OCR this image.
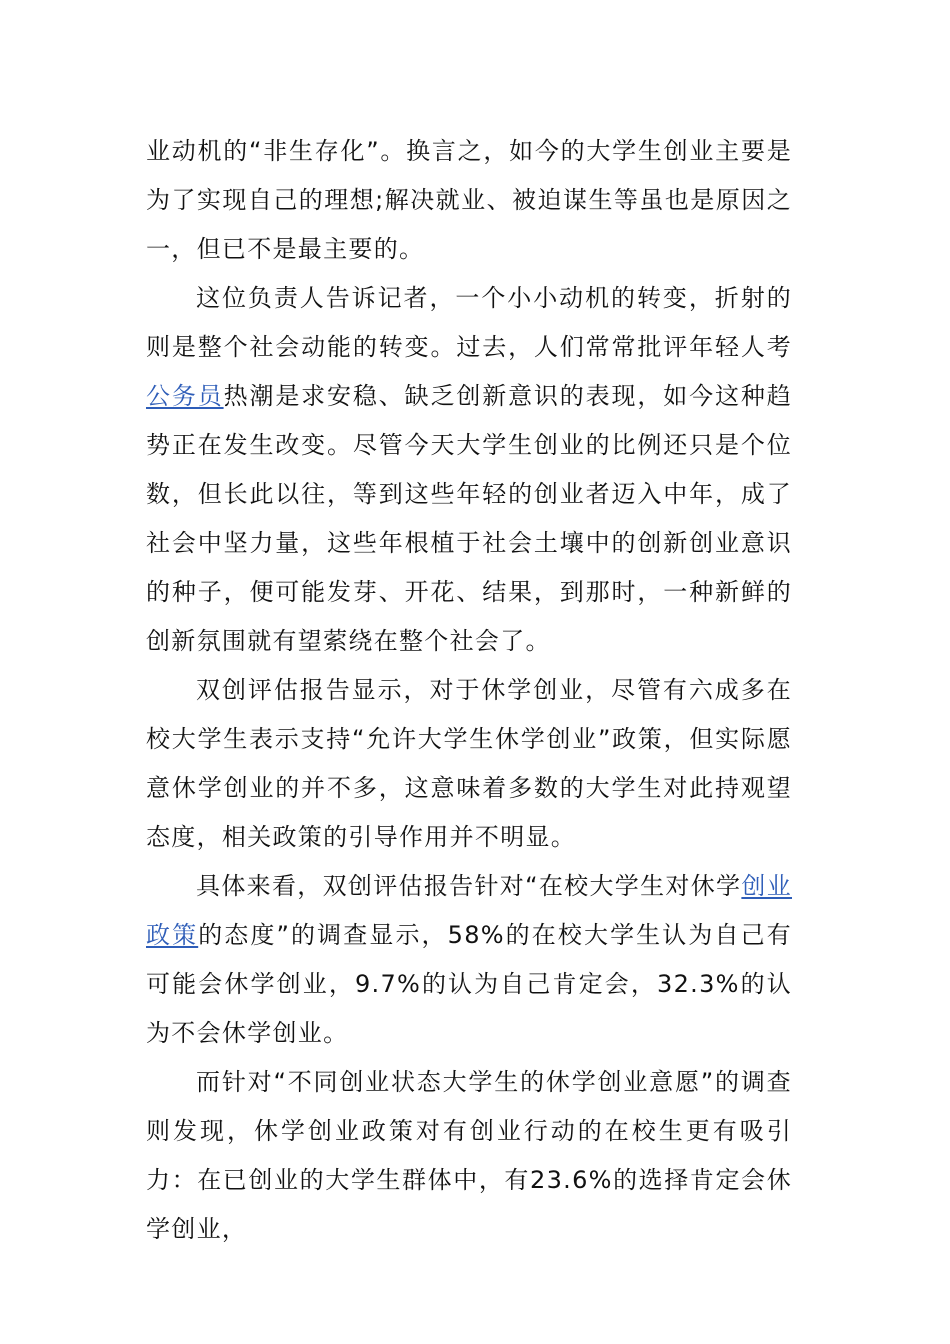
业动机的“非生存化”。换言之，如今的大学生创业主要是为了实现自己的理想;解决就业、被迫谋生等虽也是原因之一，但已不是最主要的。

这位负责人告诉记者，一个小小动机的转变，折射的则是整个社会动能的转变。过去，人们常常批评年轻人考公务员热潮是求安稳、缺乏创新意识的表现，如今这种趋势正在发生改变。尽管今天大学生创业的比例还只是个位数，但长此以往，等到这些年轻的创业者迈入中年，成了社会中坚力量，这些年根植于社会土壤中的创新创业意识的种子，便可能发芽、开花、结果，到那时，一种新鲜的创新氛围就有望萦绕在整个社会了。

双创评估报告显示，对于休学创业，尽管有六成多在校大学生表示支持“允许大学生休学创业”政策，但实际愿意休学创业的并不多，这意味着多数的大学生对此持观望态度，相关政策的引导作用并不明显。

具体来看，双创评估报告针对“在校大学生对休学创业政策的态度”的调查显示，58%的在校大学生认为自己有可能会休学创业，9.7%的认为自己肯定会，32.3%的认为不会休学创业。

而针对“不同创业状态大学生的休学创业意愿”的调查则发现，休学创业政策对有创业行动的在校生更有吸引力：在已创业的大学生群体中，有23.6%的选择肯定会休学创业，
